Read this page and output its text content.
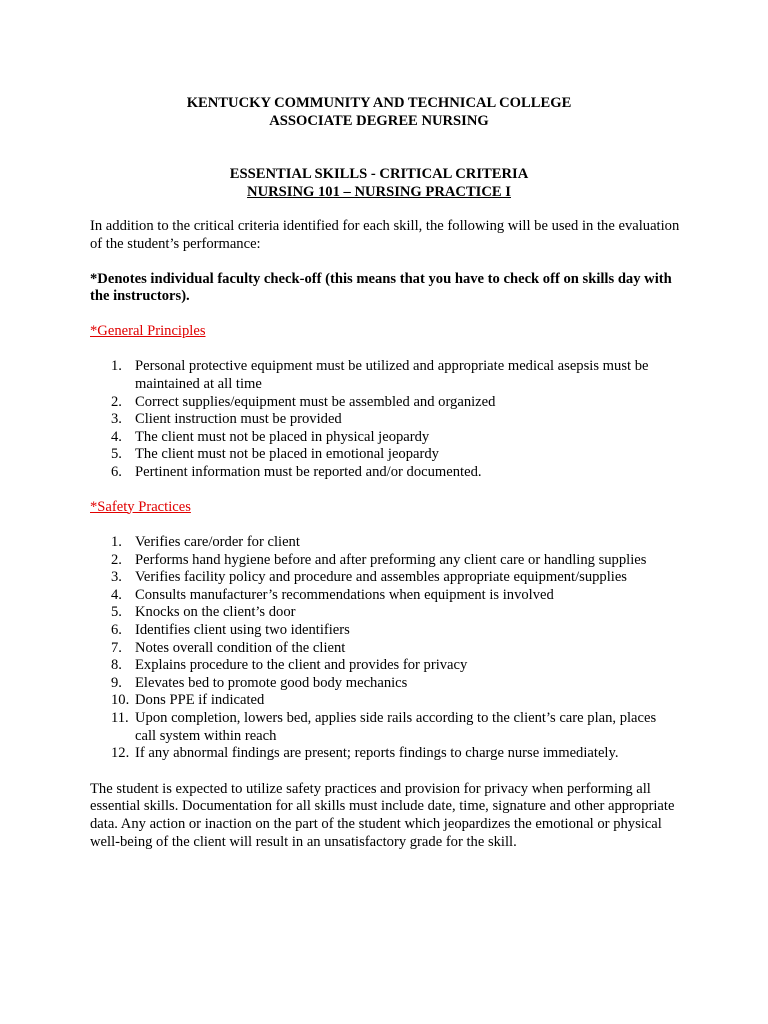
KENTUCKY COMMUNITY AND TECHNICAL COLLEGE
ASSOCIATE DEGREE NURSING
ESSENTIAL SKILLS - CRITICAL CRITERIA
NURSING 101 – NURSING PRACTICE I

In addition to the critical criteria identified for each skill, the following will be used in the evaluation of the student’s performance:

*Denotes individual faculty check-off (this means that you have to check off on skills day with the instructors).

*General Principles

1. Personal protective equipment must be utilized and appropriate medical asepsis must be maintained at all time
2. Correct supplies/equipment must be assembled and organized
3. Client instruction must be provided
4. The client must not be placed in physical jeopardy
5. The client must not be placed in emotional jeopardy
6. Pertinent information must be reported and/or documented.

*Safety Practices

1. Verifies care/order for client
2. Performs hand hygiene before and after preforming any client care or handling supplies
3. Verifies facility policy and procedure and assembles appropriate equipment/supplies
4. Consults manufacturer’s recommendations when equipment is involved
5. Knocks on the client’s door
6. Identifies client using two identifiers
7. Notes overall condition of the client
8. Explains procedure to the client and provides for privacy
9. Elevates bed to promote good body mechanics
10. Dons PPE if indicated
11. Upon completion, lowers bed, applies side rails according to the client’s care plan, places call system within reach
12. If any abnormal findings are present; reports findings to charge nurse immediately.

The student is expected to utilize safety practices and provision for privacy when performing all essential skills. Documentation for all skills must include date, time, signature and other appropriate data. Any action or inaction on the part of the student which jeopardizes the emotional or physical well-being of the client will result in an unsatisfactory grade for the skill.
